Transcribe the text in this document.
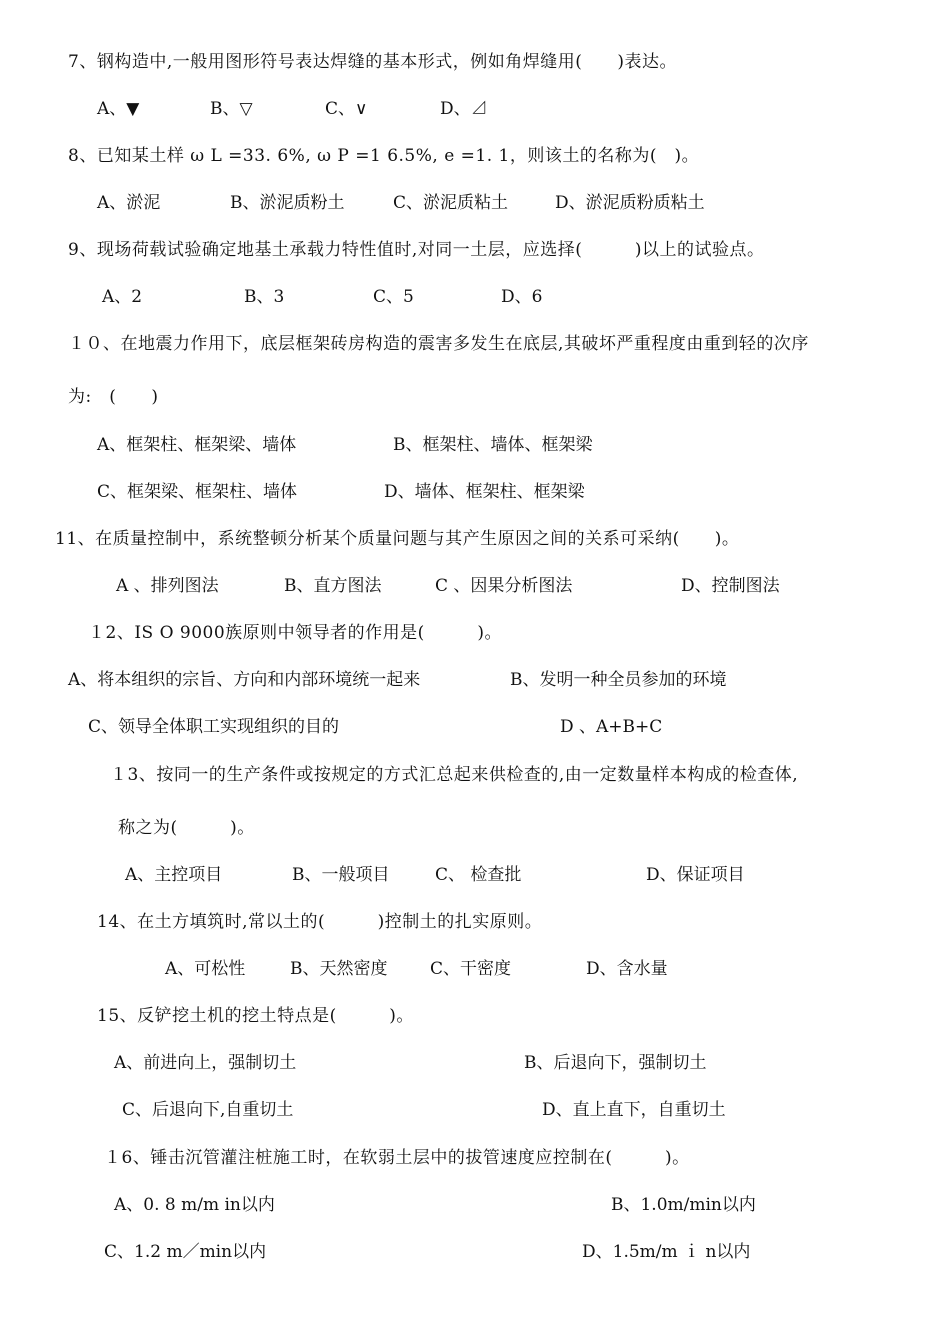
7、钢构造中,一般用图形符号表达焊缝的基本形式，例如角焊缝用(　　)表达。
A、▼	B、▽	C、∨	D、⊿
8、已知某土样 ω L =33. 6%, ω P =1 6.5%, e =1. 1，则该土的名称为(　)。
A、淤泥	B、淤泥质粉土	C、淤泥质粘土	D、淤泥质粉质粘土
9、现场荷载试验确定地基土承载力特性值时,对同一土层，应选择(　　　)以上的试验点。
A、2	B、3	C、5	D、6
１０、在地震力作用下，底层框架砖房构造的震害多发生在底层,其破坏严重程度由重到轻的次序
为:　(　　)
A、框架柱、框架梁、墙体	B、框架柱、墙体、框架梁
C、框架梁、框架柱、墙体	D、墙体、框架柱、框架梁
11、在质量控制中，系统整顿分析某个质量问题与其产生原因之间的关系可采纳(　　)。
A 、排列图法	B、直方图法	C 、因果分析图法	D、控制图法
１2、IS O 9000族原则中领导者的作用是(　　　)。
A、将本组织的宗旨、方向和内部环境统一起来	B、发明一种全员参加的环境
C、领导全体职工实现组织的目的	D 、A+B+C
１3、按同一的生产条件或按规定的方式汇总起来供检查的,由一定数量样本构成的检查体,
称之为(　　　)。
A、主控项目	B、一般项目	C、 检查批	D、保证项目
14、在土方填筑时,常以土的(　　　)控制土的扎实原则。
A、可松性	B、天然密度	C、干密度	D、含水量
15、反铲挖土机的挖土特点是(　　　)。
A、前进向上，强制切土	B、后退向下，强制切土
C、后退向下,自重切土	D、直上直下，自重切土
１6、锤击沉管灌注桩施工时，在软弱土层中的拔管速度应控制在(　　　)。
A、0. 8 m/m in以内	B、1.0m/min以内
C、1.2 m／min以内	D、1.5m/m ｉ n以内
